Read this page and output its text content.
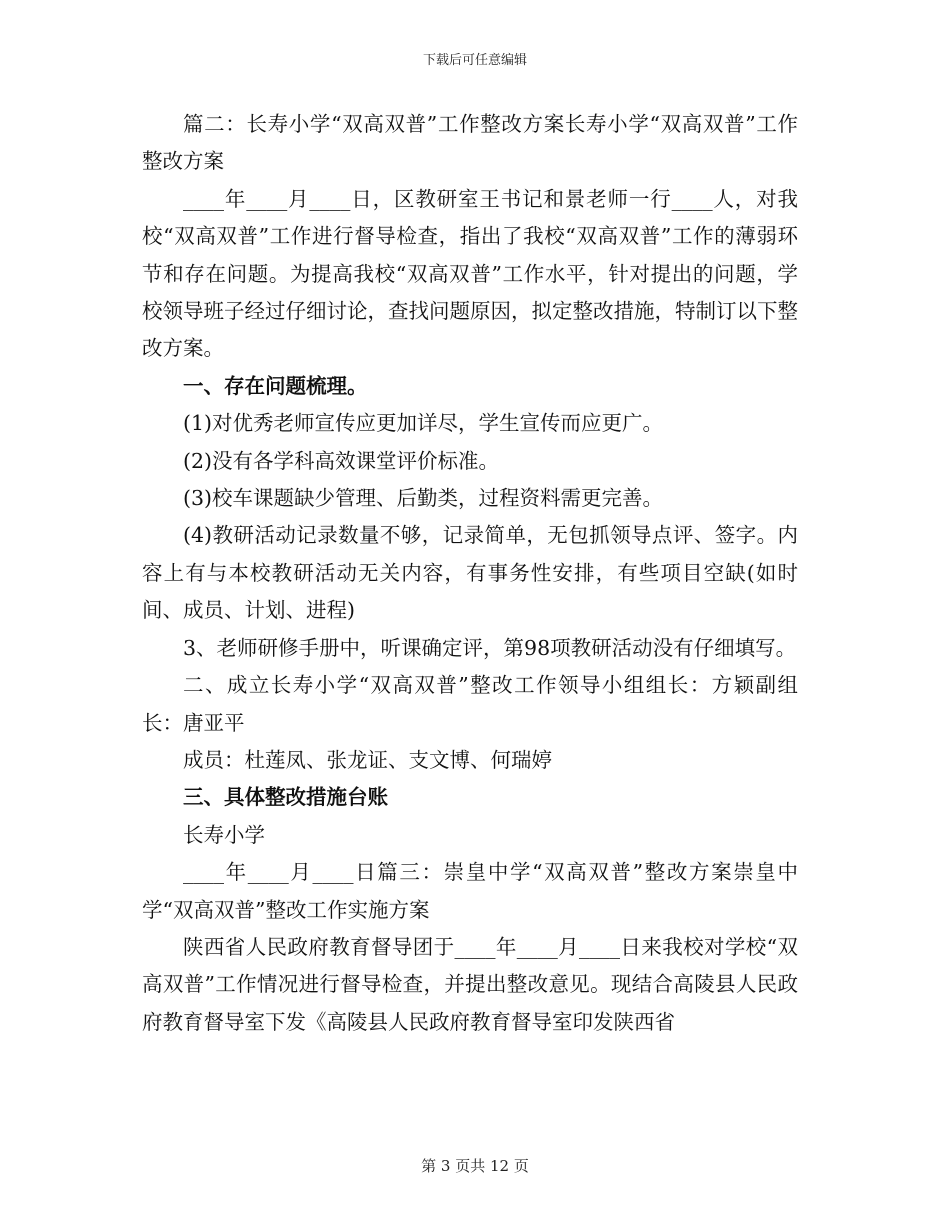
下载后可任意编辑

篇二：长寿小学“双高双普”工作整改方案长寿小学“双高双普”工作整改方案

____年____月____日，区教研室王书记和景老师一行____人，对我校“双高双普”工作进行督导检查，指出了我校“双高双普”工作的薄弱环节和存在问题。为提高我校“双高双普”工作水平，针对提出的问题，学校领导班子经过仔细讨论，查找问题原因，拟定整改措施，特制订以下整改方案。

一、存在问题梳理。

(1)对优秀老师宣传应更加详尽，学生宣传而应更广。

(2)没有各学科高效课堂评价标准。

(3)校车课题缺少管理、后勤类，过程资料需更完善。

(4)教研活动记录数量不够，记录简单，无包抓领导点评、签字。内容上有与本校教研活动无关内容，有事务性安排，有些项目空缺(如时间、成员、计划、进程)

3、老师研修手册中，听课确定评，第98项教研活动没有仔细填写。

二、成立长寿小学“双高双普”整改工作领导小组组长：方颖副组长：唐亚平

成员：杜莲凤、张龙证、支文博、何瑞婷

三、具体整改措施台账

长寿小学

____年____月____日篇三：崇皇中学“双高双普”整改方案崇皇中学“双高双普”整改工作实施方案

陕西省人民政府教育督导团于____年____月____日来我校对学校“双高双普”工作情况进行督导检查，并提出整改意见。现结合高陵县人民政府教育督导室下发《高陵县人民政府教育督导室印发陕西省

第 3 页共 12 页
